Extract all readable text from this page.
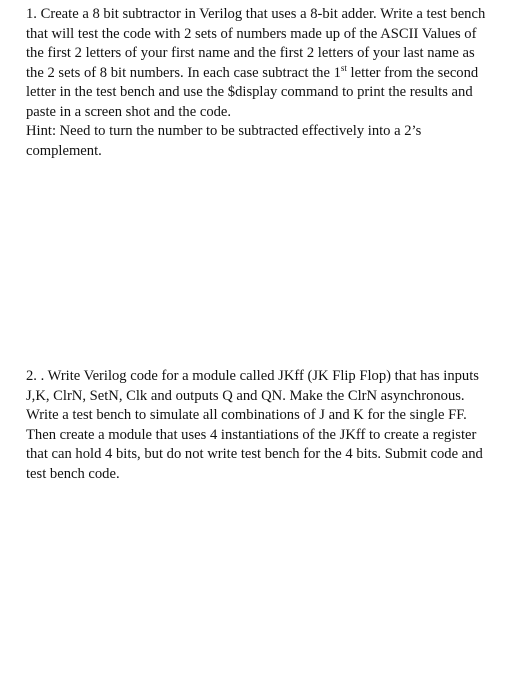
1. Create a 8 bit subtractor in Verilog that uses a 8-bit adder. Write a test bench that will test the code with 2 sets of numbers made up of the ASCII Values of the first 2 letters of your first name and the first 2 letters of your last name as the 2 sets of 8 bit numbers. In each case subtract the 1st letter from the second letter in the test bench and use the $display command to print the results and paste in a screen shot and the code.

Hint: Need to turn the number to be subtracted effectively into a 2’s complement.

2. . Write Verilog code for a module called JKff (JK Flip Flop) that has inputs J,K, ClrN, SetN, Clk and outputs Q and QN. Make the ClrN asynchronous. Write a test bench to simulate all combinations of J and K for the single FF. Then create a module that uses 4 instantiations of the JKff to create a register that can hold 4 bits, but do not write test bench for the 4 bits. Submit code and test bench code.
